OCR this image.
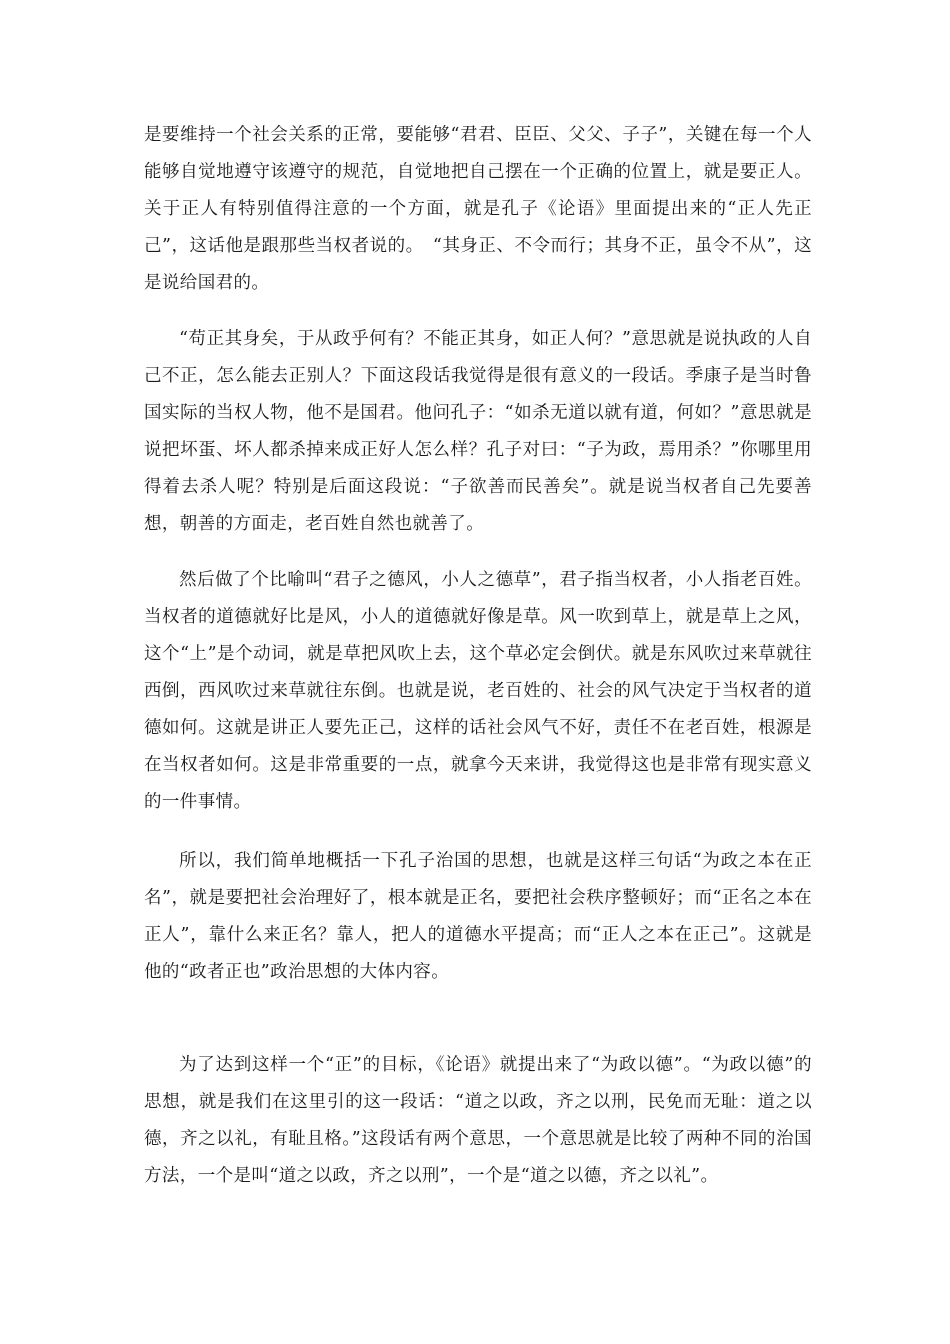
是要维持一个社会关系的正常，要能够“君君、臣臣、父父、子子”，关键在每一个人能够自觉地遵守该遵守的规范，自觉地把自己摆在一个正确的位置上，就是要正人。关于正人有特别值得注意的一个方面，就是孔子《论语》里面提出来的“正人先正己”，这话他是跟那些当权者说的。　“其身正、不令而行；其身不正，虽令不从”，这是说给国君的。

“苟正其身矣，于从政乎何有？不能正其身，如正人何？”意思就是说执政的人自己不正，怎么能去正别人？下面这段话我觉得是很有意义的一段话。季康子是当时鲁国实际的当权人物，他不是国君。他问孔子：“如杀无道以就有道，何如？”意思就是说把坏蛋、坏人都杀掉来成正好人怎么样？孔子对曰：“子为政，焉用杀？”你哪里用得着去杀人呢？特别是后面这段说：“子欲善而民善矣”。就是说当权者自己先要善想，朝善的方面走，老百姓自然也就善了。

然后做了个比喻叫“君子之德风，小人之德草”，君子指当权者，小人指老百姓。当权者的道德就好比是风，小人的道德就好像是草。风一吹到草上，就是草上之风，这个“上”是个动词，就是草把风吹上去，这个草必定会倒伏。就是东风吹过来草就往西倒，西风吹过来草就往东倒。也就是说，老百姓的、社会的风气决定于当权者的道德如何。这就是讲正人要先正己，这样的话社会风气不好，责任不在老百姓，根源是在当权者如何。这是非常重要的一点，就拿今天来讲，我觉得这也是非常有现实意义的一件事情。

所以，我们简单地概括一下孔子治国的思想，也就是这样三句话“为政之本在正名”，就是要把社会治理好了，根本就是正名，要把社会秩序整顿好；而“正名之本在正人”，靠什么来正名？靠人，把人的道德水平提高；而“正人之本在正己”。这就是他的“政者正也”政治思想的大体内容。

为了达到这样一个“正”的目标，《论语》就提出来了“为政以德”。“为政以德”的思想，就是我们在这里引的这一段话：“道之以政，齐之以刑，民免而无耻：道之以德，齐之以礼，有耻且格。”这段话有两个意思，一个意思就是比较了两种不同的治国方法，一个是叫“道之以政，齐之以刑”，一个是“道之以德，齐之以礼”。
